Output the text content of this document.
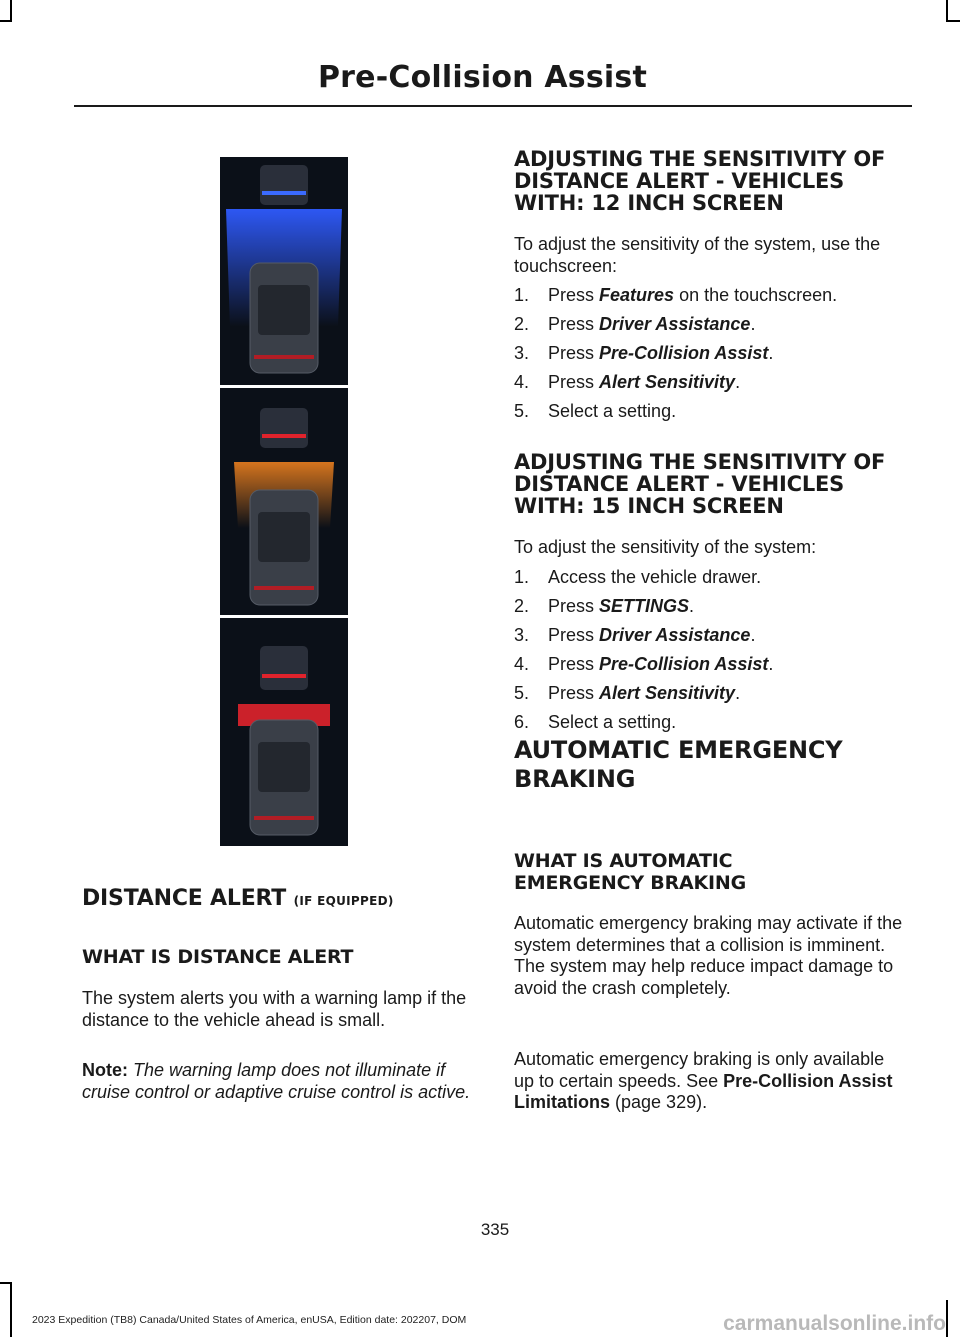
Pre-Collision Assist
DISTANCE ALERT (IF EQUIPPED)
WHAT IS DISTANCE ALERT
The system alerts you with a warning lamp if the distance to the vehicle ahead is small.
Note: The warning lamp does not illuminate if cruise control or adaptive cruise control is active.
ADJUSTING THE SENSITIVITY OF DISTANCE ALERT - VEHICLES WITH: 12 INCH SCREEN
To adjust the sensitivity of the system, use the touchscreen:
1. Press Features on the touchscreen.
2. Press Driver Assistance.
3. Press Pre-Collision Assist.
4. Press Alert Sensitivity.
5. Select a setting.
ADJUSTING THE SENSITIVITY OF DISTANCE ALERT - VEHICLES WITH: 15 INCH SCREEN
To adjust the sensitivity of the system:
1. Access the vehicle drawer.
2. Press SETTINGS.
3. Press Driver Assistance.
4. Press Pre-Collision Assist.
5. Press Alert Sensitivity.
6. Select a setting.
AUTOMATIC EMERGENCY
BRAKING
WHAT IS AUTOMATIC EMERGENCY BRAKING
Automatic emergency braking may activate if the system determines that a collision is imminent. The system may help reduce impact damage to avoid the crash completely.
Automatic emergency braking is only available up to certain speeds. See Pre-Collision Assist Limitations (page 329).
335
2023 Expedition (TB8) Canada/United States of America, enUSA, Edition date: 202207, DOM	carmanualsonline.info
